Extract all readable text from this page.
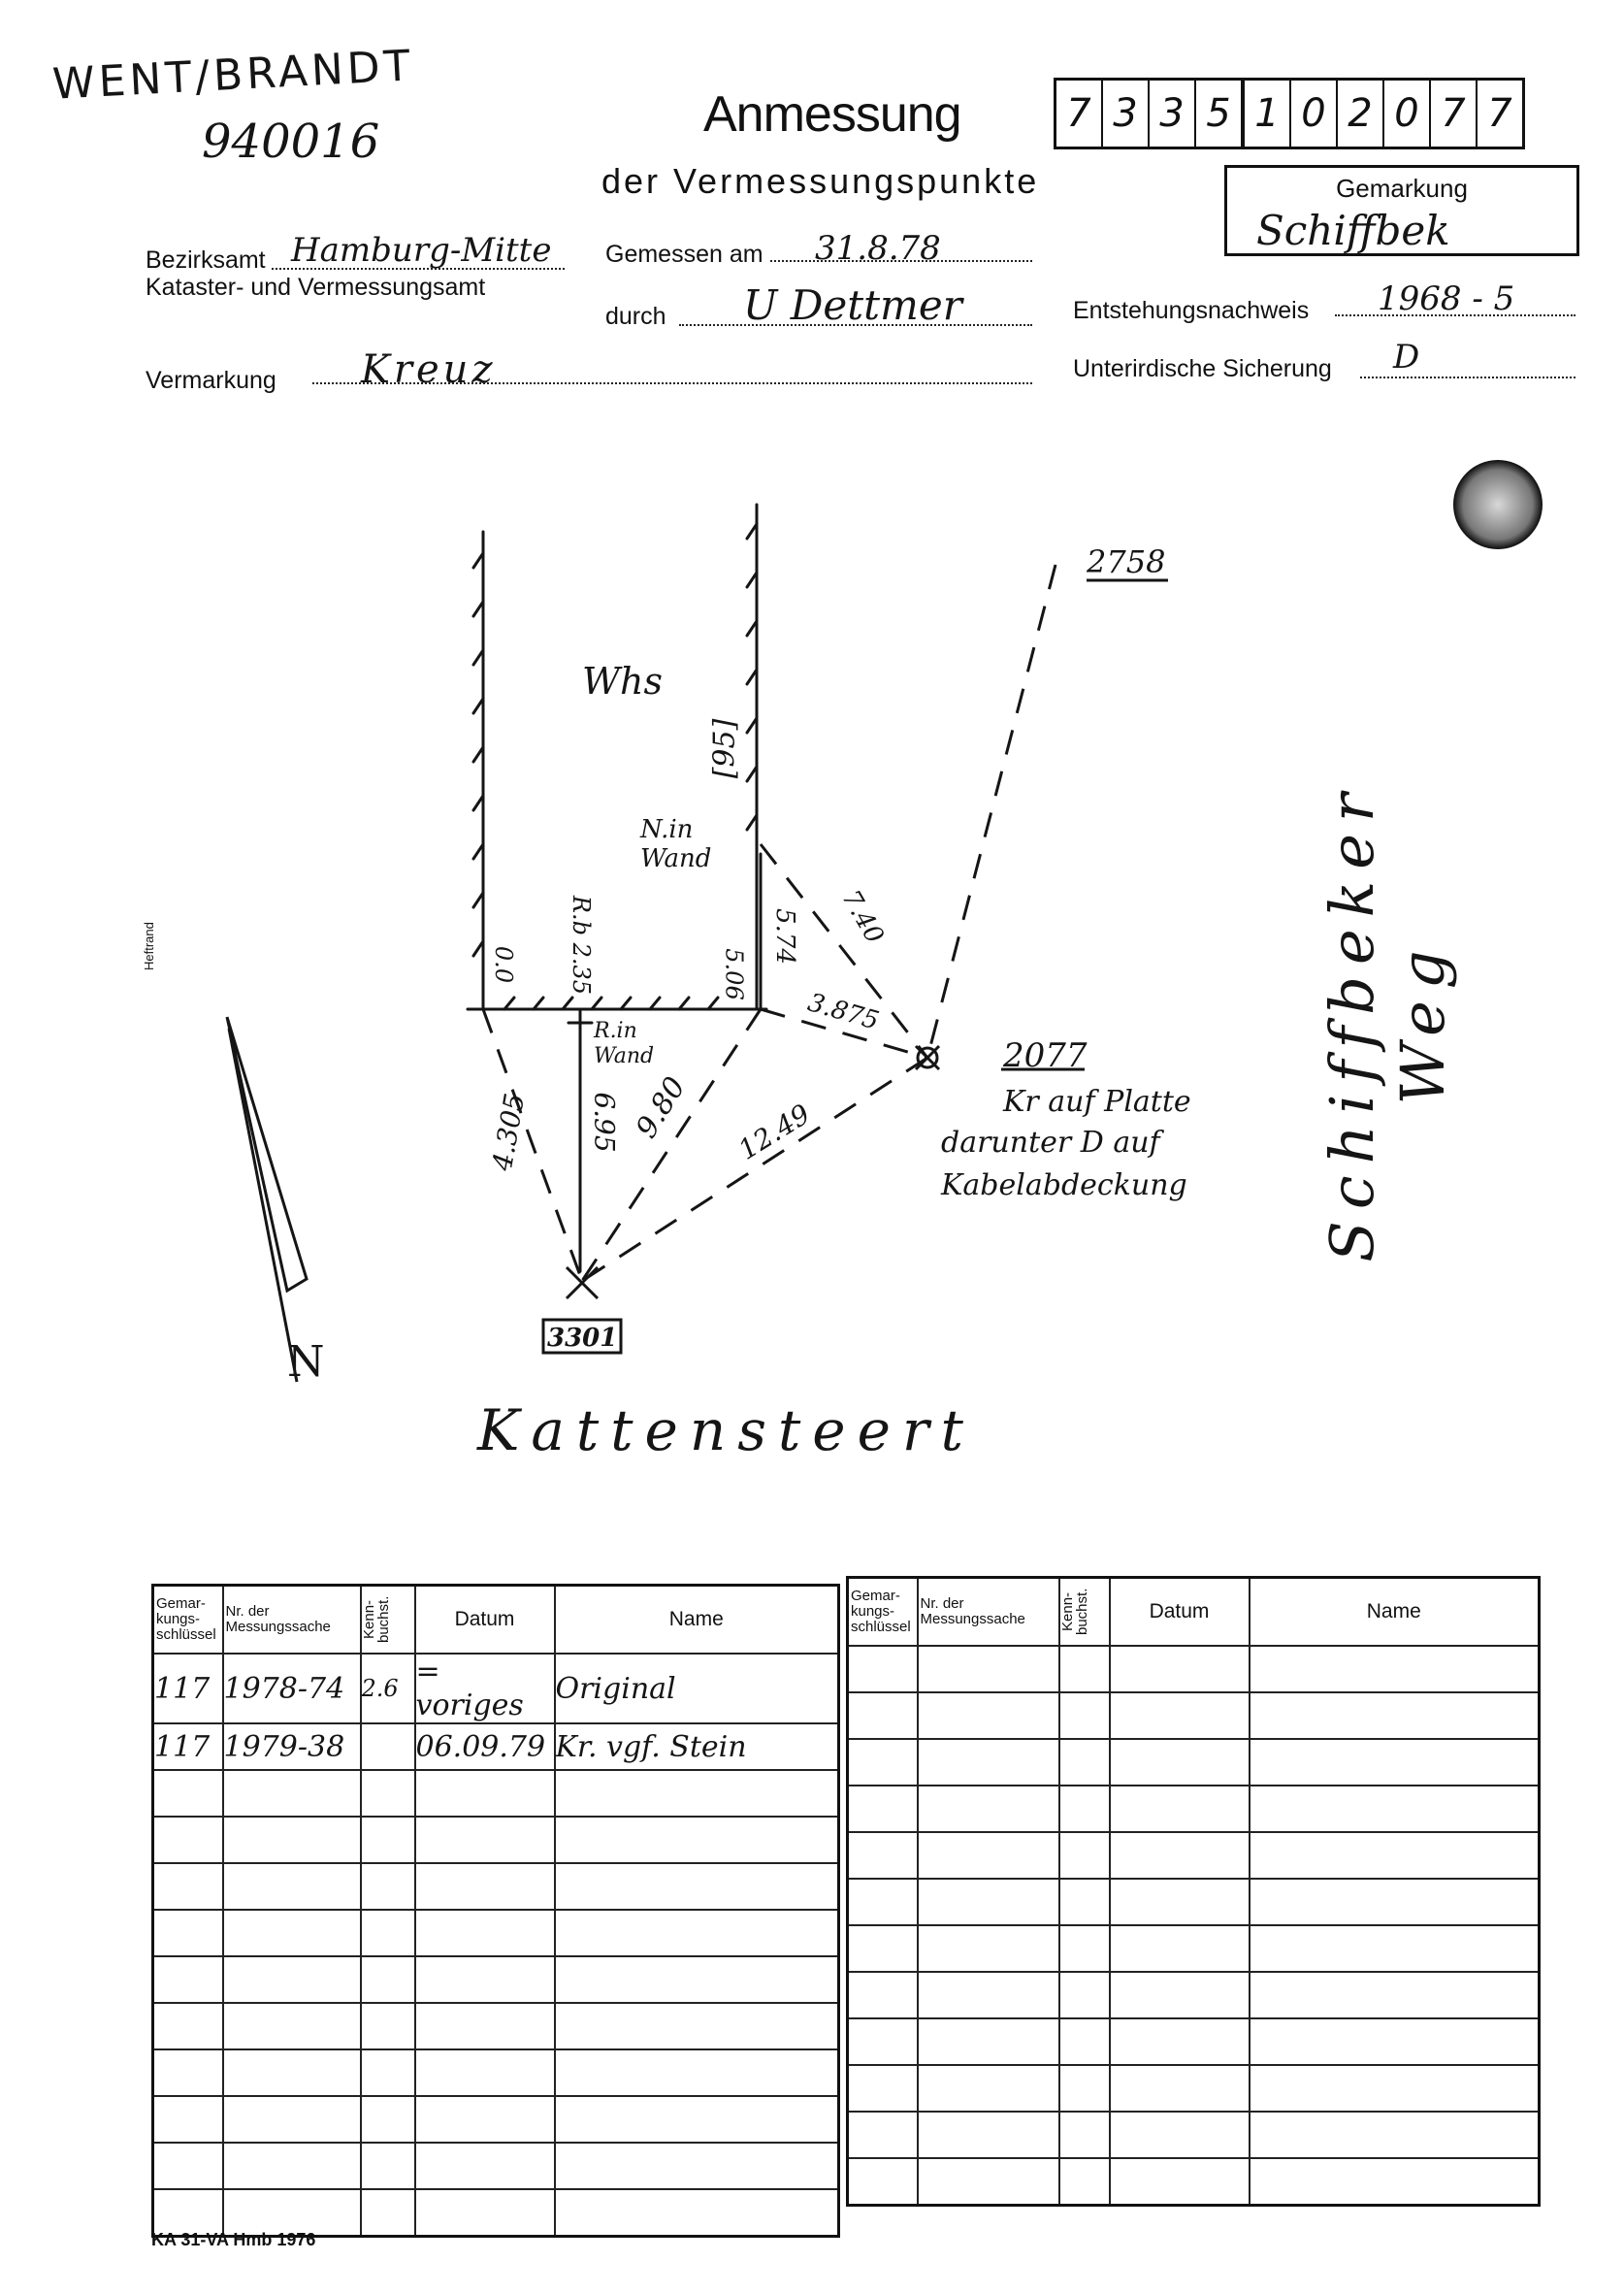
WENT/BRANDT
940016	Anmessung
der Vermessungspunkte
7 3 3 5 1 0 2 0 7 7
Gemarkung
Schiffbek
Bezirksamt Hamburg-Mitte
Kataster- und Vermessungsamt
Gemessen am 31.8.78
durch U Dettmer	Entstehungsnachweis 1968 - 5
Vermarkung Kreuz	Unterirdische Sicherung D
Heftrand
Whs
[95]
N.in Wand
0.0 R.b 2.35	5.06
5.74 7.40
3.875
R.in Wand
4.305 6.95 9.80 12.49
2758
2077
Kr auf Platte
darunter D auf
Kabelabdeckung
3301
N
Schiffbeker Weg
Kattensteert
Gemar-kungs-schlüssel	Nr. der Messungssache	Kenn-buchst.	Datum	Name
117	1978-74	2.6	= voriges	Original
117	1979-38		06.09.79	Kr. vgf. Stein

Gemar-kungs-schlüssel	Nr. der Messungssache	Kenn-buchst.	Datum	Name

KA 31-VA Hmb 1976
